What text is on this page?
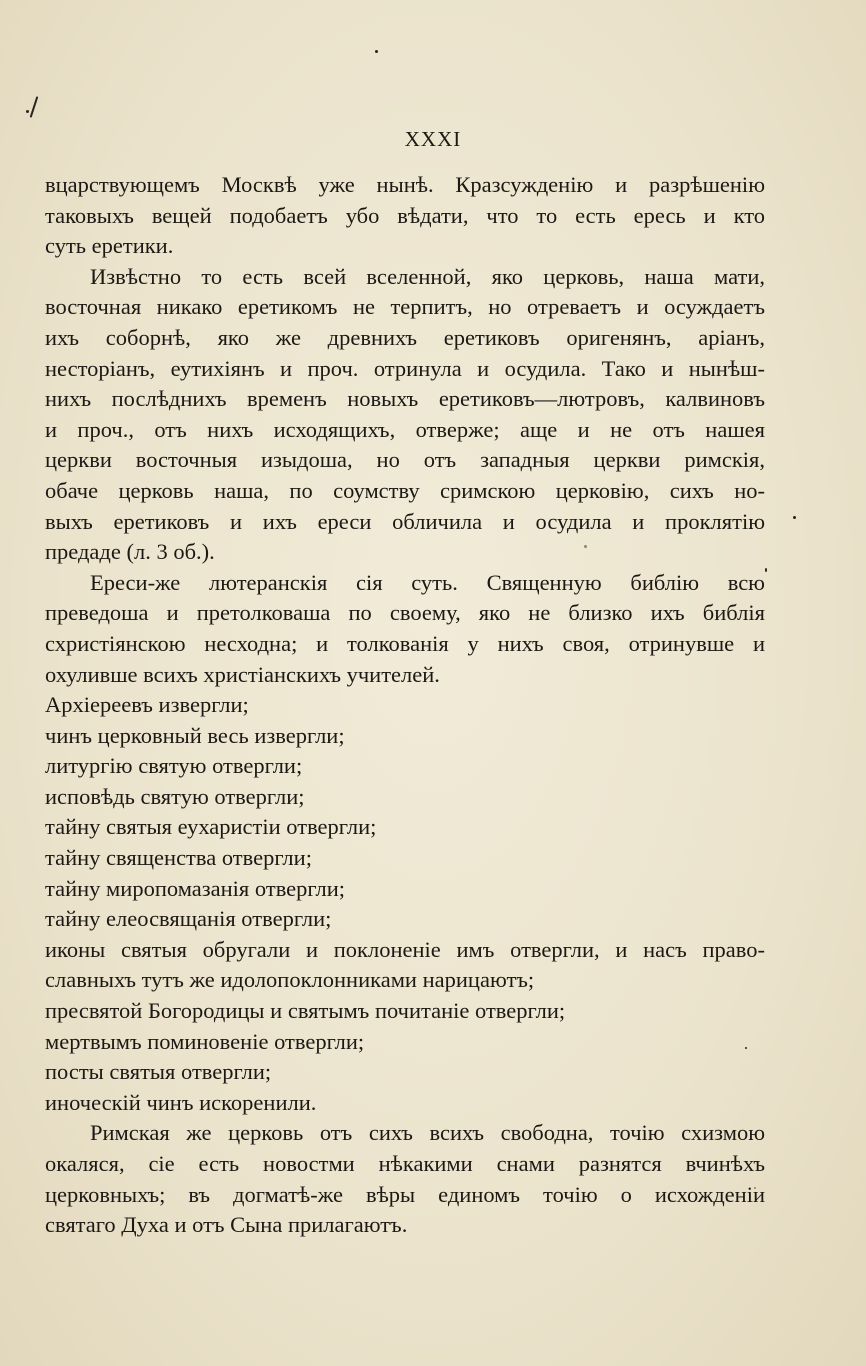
XXXI
вцарствующемъ Москвѣ уже нынѣ. Кразсужденію и разрѣшенію
таковыхъ вещей подобаетъ убо вѣдати, что то есть ересь и кто
суть еретики.
Извѣстно то есть всей вселенной, яко церковь, наша мати,
восточная никако еретикомъ не терпитъ, но отреваетъ и осуждаетъ
ихъ соборнѣ, яко же древнихъ еретиковъ оригенянъ, аріанъ,
несторіанъ, еутихіянъ и проч. отринула и осудила. Тако и нынѣш-
нихъ послѣднихъ временъ новыхъ еретиковъ—лютровъ, калвиновъ
и проч., отъ нихъ исходящихъ, отверже; аще и не отъ нашея
церкви восточныя изыдоша, но отъ западныя церкви римскія,
обаче церковь наша, по соумству сримскою церковію, сихъ но-
выхъ еретиковъ и ихъ ереси обличила и осудила и проклятію
предаде (л. 3 об.).
Ереси-же лютеранскія сія суть. Священную библію всю
преведоша и претолковаша по своему, яко не близко ихъ библія
схристіянскою несходна; и толкованія у нихъ своя, отринувше и
охуливше всихъ христіанскихъ учителей.
Архіереевъ извергли;
чинъ церковный весь извергли;
литургію святую отвергли;
исповѣдь святую отвергли;
тайну святыя еухаристіи отвергли;
тайну священства отвергли;
тайну миропомазанія отвергли;
тайну елеосвящанія отвергли;
иконы святыя обругали и поклоненіе имъ отвергли, и насъ право-
славныхъ тутъ же идолопоклонниками нарицаютъ;
пресвятой Богородицы и святымъ почитаніе отвергли;
мертвымъ поминовеніе отвергли;
посты святыя отвергли;
иноческій чинъ искоренили.
Римская же церковь отъ сихъ всихъ свободна, точію схизмою
окаляся, сіе есть новостми нѣкакими снами разнятся вчинѣхъ
церковныхъ; въ догматѣ-же вѣры единомъ точію о исхожденіи
святаго Духа и отъ Сына прилагаютъ.
